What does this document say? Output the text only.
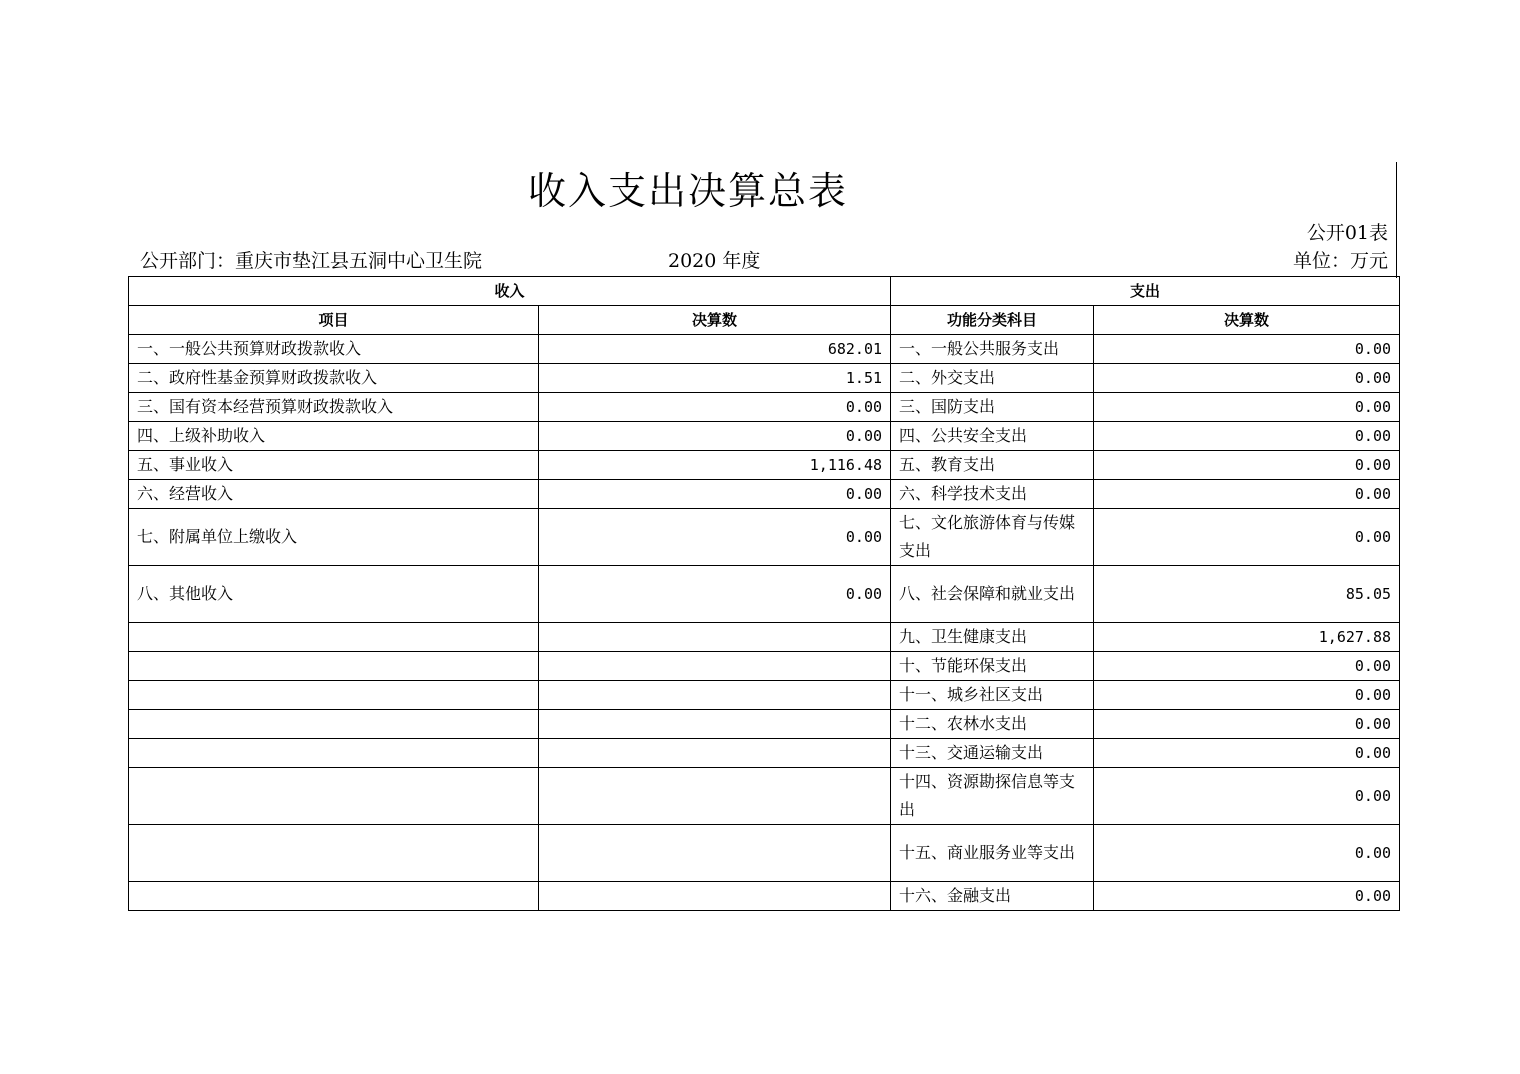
收入支出决算总表
公开01表
公开部门：重庆市垫江县五洞中心卫生院	2020 年度	单位：万元
收入		支出	
项目	决算数	功能分类科目	决算数
一、一般公共预算财政拨款收入	682.01	一、一般公共服务支出	0.00
二、政府性基金预算财政拨款收入	1.51	二、外交支出	0.00
三、国有资本经营预算财政拨款收入	0.00	三、国防支出	0.00
四、上级补助收入	0.00	四、公共安全支出	0.00
五、事业收入	1,116.48	五、教育支出	0.00
六、经营收入	0.00	六、科学技术支出	0.00
七、附属单位上缴收入	0.00	七、文化旅游体育与传媒支出	0.00
八、其他收入	0.00	八、社会保障和就业支出	85.05
		九、卫生健康支出	1,627.88
		十、节能环保支出	0.00
		十一、城乡社区支出	0.00
		十二、农林水支出	0.00
		十三、交通运输支出	0.00
		十四、资源勘探信息等支出	0.00
		十五、商业服务业等支出	0.00
		十六、金融支出	0.00
